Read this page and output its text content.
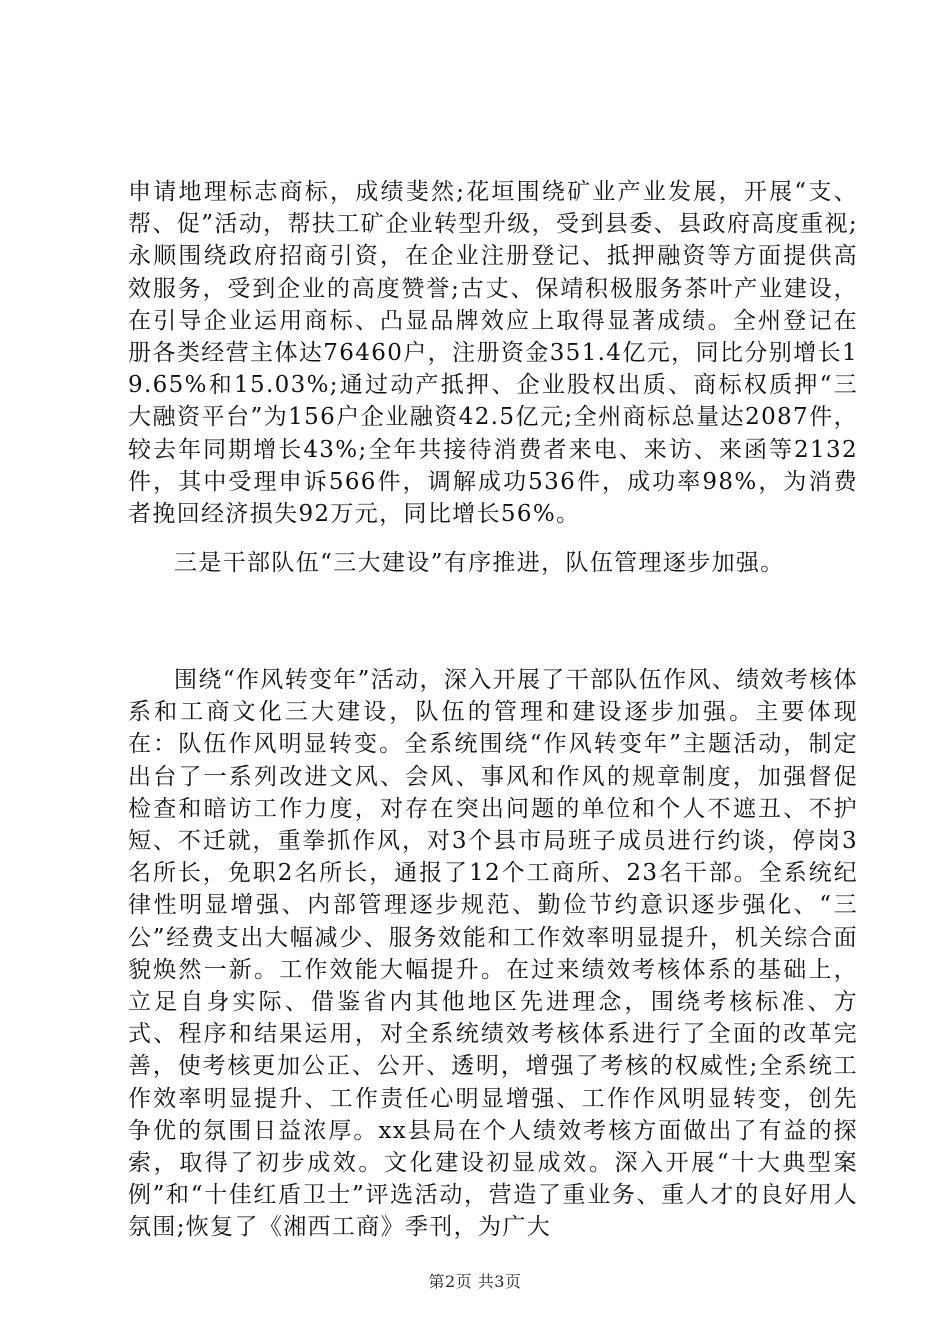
申请地理标志商标，成绩斐然;花垣围绕矿业产业发展，开展“支、帮、促”活动，帮扶工矿企业转型升级，受到县委、县政府高度重视;永顺围绕政府招商引资，在企业注册登记、抵押融资等方面提供高效服务，受到企业的高度赞誉;古丈、保靖积极服务茶叶产业建设，在引导企业运用商标、凸显品牌效应上取得显著成绩。全州登记在册各类经营主体达76460户，注册资金351.4亿元，同比分别增长19.65%和15.03%;通过动产抵押、企业股权出质、商标权质押“三大融资平台”为156户企业融资42.5亿元;全州商标总量达2087件，较去年同期增长43%;全年共接待消费者来电、来访、来函等2132件，其中受理申诉566件，调解成功536件，成功率98%，为消费者挽回经济损失92万元，同比增长56%。

三是干部队伍“三大建设”有序推进，队伍管理逐步加强。

围绕“作风转变年”活动，深入开展了干部队伍作风、绩效考核体系和工商文化三大建设，队伍的管理和建设逐步加强。主要体现在：队伍作风明显转变。全系统围绕“作风转变年”主题活动，制定出台了一系列改进文风、会风、事风和作风的规章制度，加强督促检查和暗访工作力度，对存在突出问题的单位和个人不遮丑、不护短、不迁就，重拳抓作风，对3个县市局班子成员进行约谈，停岗3名所长，免职2名所长，通报了12个工商所、23名干部。全系统纪律性明显增强、内部管理逐步规范、勤俭节约意识逐步强化、“三公”经费支出大幅减少、服务效能和工作效率明显提升，机关综合面貌焕然一新。工作效能大幅提升。在过来绩效考核体系的基础上，立足自身实际、借鉴省内其他地区先进理念，围绕考核标准、方式、程序和结果运用，对全系统绩效考核体系进行了全面的改革完善，使考核更加公正、公开、透明，增强了考核的权威性;全系统工作效率明显提升、工作责任心明显增强、工作作风明显转变，创先争优的氛围日益浓厚。xx县局在个人绩效考核方面做出了有益的探索，取得了初步成效。文化建设初显成效。深入开展“十大典型案例”和“十佳红盾卫士”评选活动，营造了重业务、重人才的良好用人氛围;恢复了《湘西工商》季刊，为广大

第2页 共3页
